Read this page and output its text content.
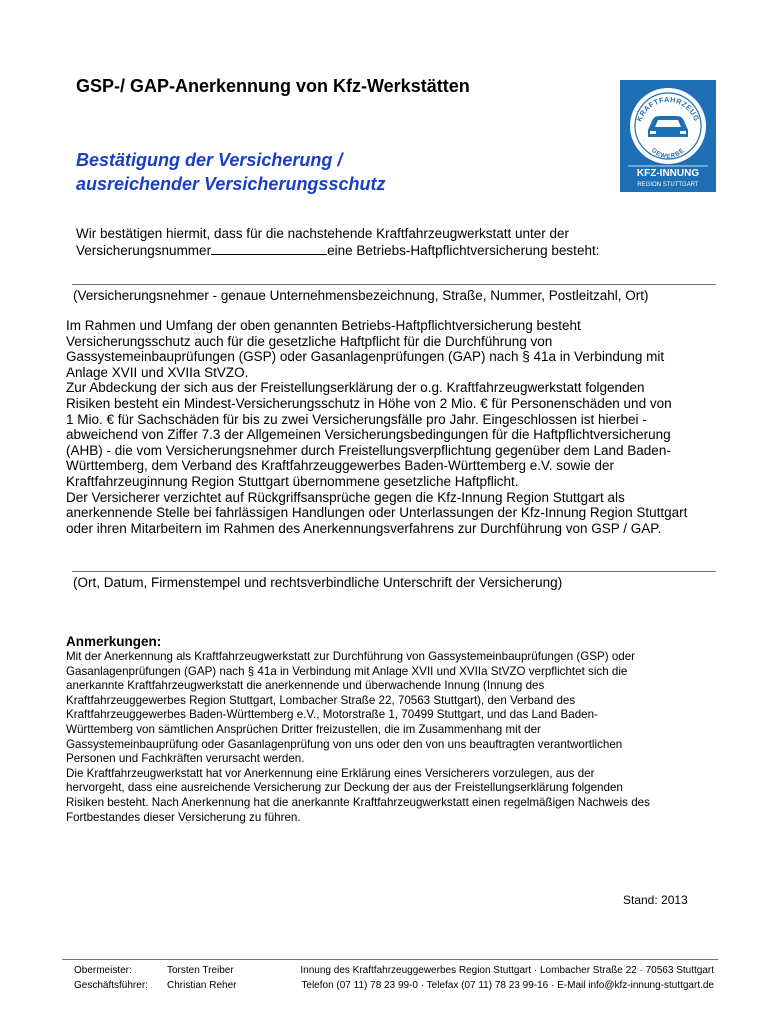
GSP-/ GAP-Anerkennung von Kfz-Werkstätten
Bestätigung der Versicherung /
ausreichender Versicherungsschutz
KRAFTFAHRZEUG
GEWERBE
KFZ-INNUNG
REGION STUTTGART
Wir bestätigen hiermit, dass für die nachstehende Kraftfahrzeugwerkstatt unter der
Versicherungsnummer	eine Betriebs-Haftpflichtversicherung besteht:
(Versicherungsnehmer - genaue Unternehmensbezeichnung, Straße, Nummer, Postleitzahl, Ort)
Im Rahmen und Umfang der oben genannten Betriebs-Haftpflichtversicherung besteht
Versicherungsschutz auch für die gesetzliche Haftpflicht für die Durchführung von
Gassystemeinbauprüfungen (GSP) oder Gasanlagenprüfungen (GAP) nach § 41a in Verbindung mit
Anlage XVII und XVIIa StVZO.
Zur Abdeckung der sich aus der Freistellungserklärung der o.g. Kraftfahrzeugwerkstatt folgenden
Risiken besteht ein Mindest-Versicherungsschutz in Höhe von 2 Mio. € für Personenschäden und von
1 Mio. € für Sachschäden für bis zu zwei Versicherungsfälle pro Jahr. Eingeschlossen ist hierbei -
abweichend von Ziffer 7.3 der Allgemeinen Versicherungsbedingungen für die Haftpflichtversicherung
(AHB) - die vom Versicherungsnehmer durch Freistellungsverpflichtung gegenüber dem Land Baden-
Württemberg, dem Verband des Kraftfahrzeuggewerbes Baden-Württemberg e.V. sowie der
Kraftfahrzeuginnung Region Stuttgart übernommene gesetzliche Haftpflicht.
Der Versicherer verzichtet auf Rückgriffsansprüche gegen die Kfz-Innung Region Stuttgart als
anerkennende Stelle bei fahrlässigen Handlungen oder Unterlassungen der Kfz-Innung Region Stuttgart
oder ihren Mitarbeitern im Rahmen des Anerkennungsverfahrens zur Durchführung von GSP / GAP.
(Ort, Datum, Firmenstempel und rechtsverbindliche Unterschrift der Versicherung)
Anmerkungen:
Mit der Anerkennung als Kraftfahrzeugwerkstatt zur Durchführung von Gassystemeinbauprüfungen (GSP) oder
Gasanlagenprüfungen (GAP) nach § 41a in Verbindung mit Anlage XVII und XVIIa StVZO verpflichtet sich die
anerkannte Kraftfahrzeugwerkstatt die anerkennende und überwachende Innung (Innung des
Kraftfahrzeuggewerbes Region Stuttgart, Lombacher Straße 22, 70563 Stuttgart), den Verband des
Kraftfahrzeuggewerbes Baden-Württemberg e.V., Motorstraße 1, 70499 Stuttgart, und das Land Baden-
Württemberg von sämtlichen Ansprüchen Dritter freizustellen, die im Zusammenhang mit der
Gassystemeinbauprüfung oder Gasanlagenprüfung von uns oder den von uns beauftragten verantwortlichen
Personen und Fachkräften verursacht werden.
Die Kraftfahrzeugwerkstatt hat vor Anerkennung eine Erklärung eines Versicherers vorzulegen, aus der
hervorgeht, dass eine ausreichende Versicherung zur Deckung der aus der Freistellungserklärung folgenden
Risiken besteht. Nach Anerkennung hat die anerkannte Kraftfahrzeugwerkstatt einen regelmäßigen Nachweis des
Fortbestandes dieser Versicherung zu führen.
Stand: 2013
Obermeister:	Torsten Treiber
Geschäftsführer: Christian Reher
Innung des Kraftfahrzeuggewerbes Region Stuttgart · Lombacher Straße 22 · 70563 Stuttgart
Telefon (07 11) 78 23 99-0 · Telefax (07 11) 78 23 99-16 · E-Mail info@kfz-innung-stuttgart.de
